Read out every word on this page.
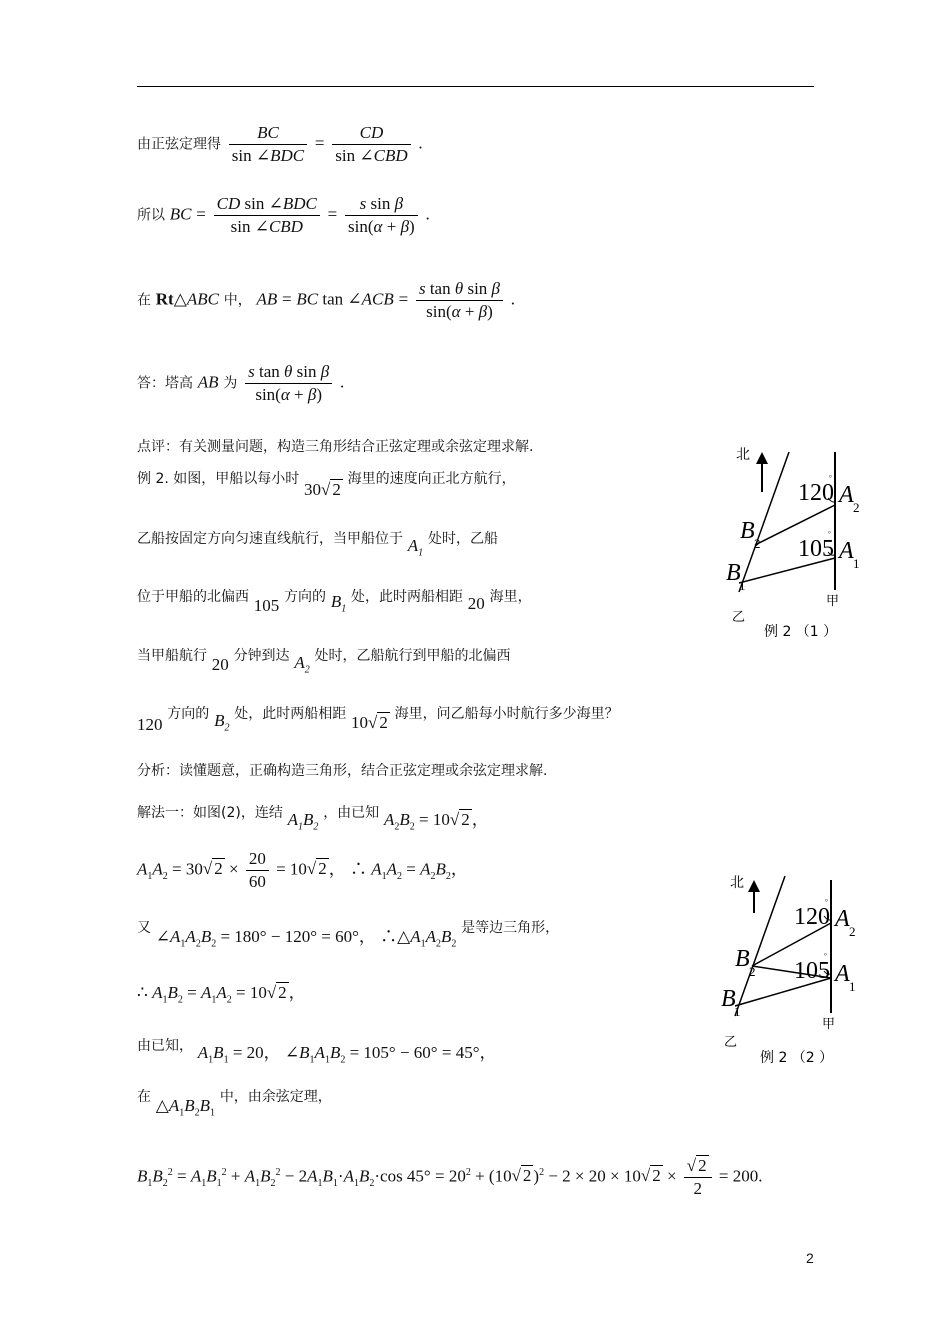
由正弦定理得 $\frac{BC}{\text{sin ∠BDC}} = \frac{CD}{\text{sin ∠CBD}}$ .
所以 BC = $\frac{\text{CD sin ∠BDC}}{\text{sin ∠CBD}} = \frac{\text{s sin β}}{\sin(\alpha + \beta)}$ .
在 Rt△ABC 中， AB = BC tan ∠ACB = $\frac{\text{s tan θ sin β}}{\sin(\alpha + \beta)}$ .
答：塔高 AB 为 $\frac{\text{s tan θ sin β}}{\sin(\alpha + \beta)}$ .
点评：有关测量问题，构造三角形结合正弦定理或余弦定理求解.
例 2. 如图，甲船以每小时 30√ 2 海里的速度向正北方航行，
乙船按固定方向匀速直线航行，当甲船位于 $A_1$ 处时，乙船
位于甲船的北偏西 105 方向的 $B_1$ 处，此时两船相距 20 海里，
当甲船航行 20 分钟到达 $A_2$ 处时，乙船航行到甲船的北偏西
120 方向的 $B_2$ 处，此时两船相距 10√ 2 海里，问乙船每小时航行多少海里？
分析：读懂题意，正确构造三角形，结合正弦定理或余弦定理求解.
解法一：如图(2)，连结 $A_1B_2$ ，由已知 $A_2B_2 = 10√$ 2 ，
$A_1A_2 = 30√$ $2 \times \frac{20}{60} = 10√$ 2 ， ∴ $A_1A_2 = A_2B_2$，
又 $\angle A_1A_2B_2 = 180^\circ - 120^\circ = 60^\circ$， $\therefore\triangle A_1A_2B_2$ 是等边三角形，
∴ $A_1B_2 = A_1A_2 = 10√$ 2 ，
由已知， $A_1B_1 = 20$， $\angle B_1A_1B_2 = 105^\circ - 60^\circ = 45^\circ$，
在 $\triangle A_1B_2B_1$ 中，由余弦定理，
$B_1B_2^2 = A_1B_1^2 + A_1B_2^2 - 2A_1B_1\cdot A_1B_2\cdot\cos$ $45^\circ = 20^2 + (10√$ 2 )$^2$ − 2 × 20 × 10√ $2 \times \frac{√ 2}{2} = 200$.
北
120
°
105
°
A 2
A 1
B 2
B
1
甲
乙
例 2 （1 ）
北
120
°
105
°
A 2
A 1
B 2
B
1
甲
乙
例 2 （2 ）
2
